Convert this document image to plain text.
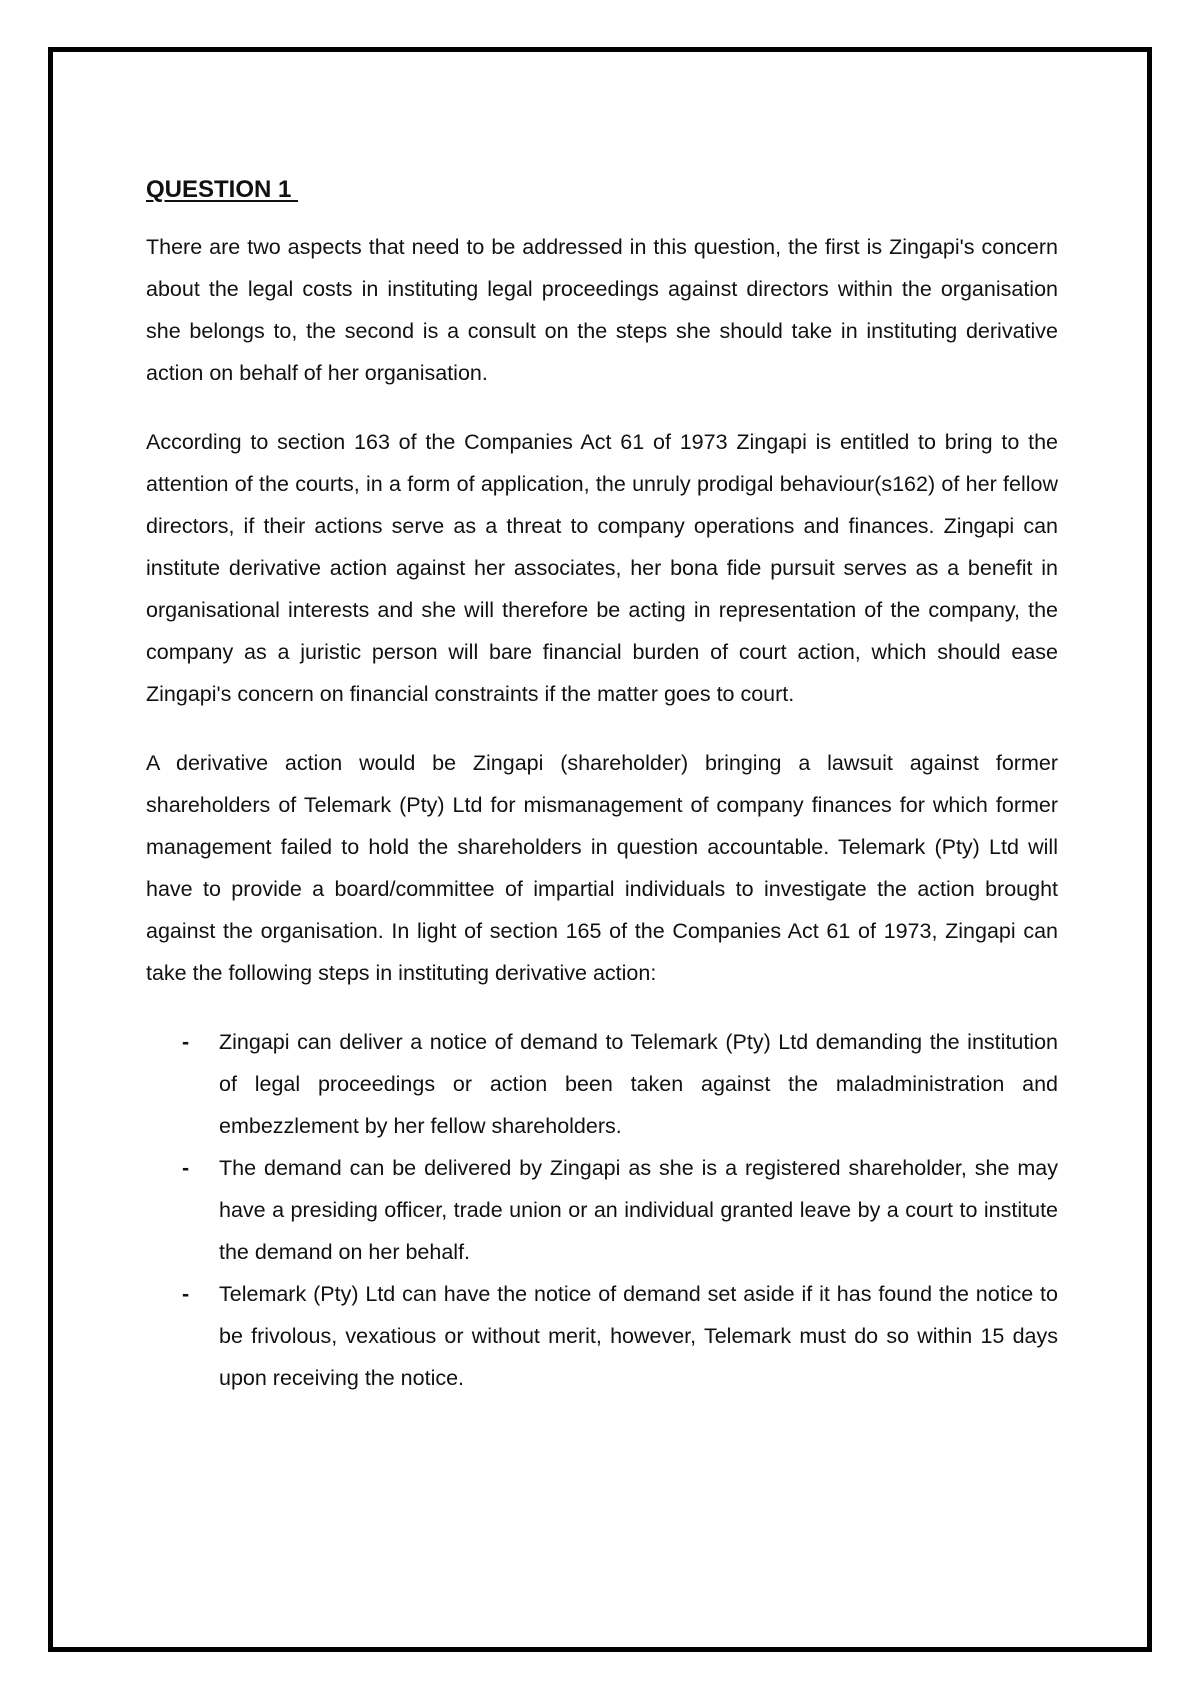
QUESTION 1

There are two aspects that need to be addressed in this question, the first is Zingapi's concern about the legal costs in instituting legal proceedings against directors within the organisation she belongs to, the second is a consult on the steps she should take in instituting derivative action on behalf of her organisation.

According to section 163 of the Companies Act 61 of 1973 Zingapi is entitled to bring to the attention of the courts, in a form of application, the unruly prodigal behaviour(s162) of her fellow directors, if their actions serve as a threat to company operations and finances. Zingapi can institute derivative action against her associates, her bona fide pursuit serves as a benefit in organisational interests and she will therefore be acting in representation of the company, the company as a juristic person will bare financial burden of court action, which should ease Zingapi's concern on financial constraints if the matter goes to court.

A derivative action would be Zingapi (shareholder) bringing a lawsuit against former shareholders of Telemark (Pty) Ltd for mismanagement of company finances for which former management failed to hold the shareholders in question accountable. Telemark (Pty) Ltd will have to provide a board/committee of impartial individuals to investigate the action brought against the organisation. In light of section 165 of the Companies Act 61 of 1973, Zingapi can take the following steps in instituting derivative action:

- Zingapi can deliver a notice of demand to Telemark (Pty) Ltd demanding the institution of legal proceedings or action been taken against the maladministration and embezzlement by her fellow shareholders.
- The demand can be delivered by Zingapi as she is a registered shareholder, she may have a presiding officer, trade union or an individual granted leave by a court to institute the demand on her behalf.
- Telemark (Pty) Ltd can have the notice of demand set aside if it has found the notice to be frivolous, vexatious or without merit, however, Telemark must do so within 15 days upon receiving the notice.
